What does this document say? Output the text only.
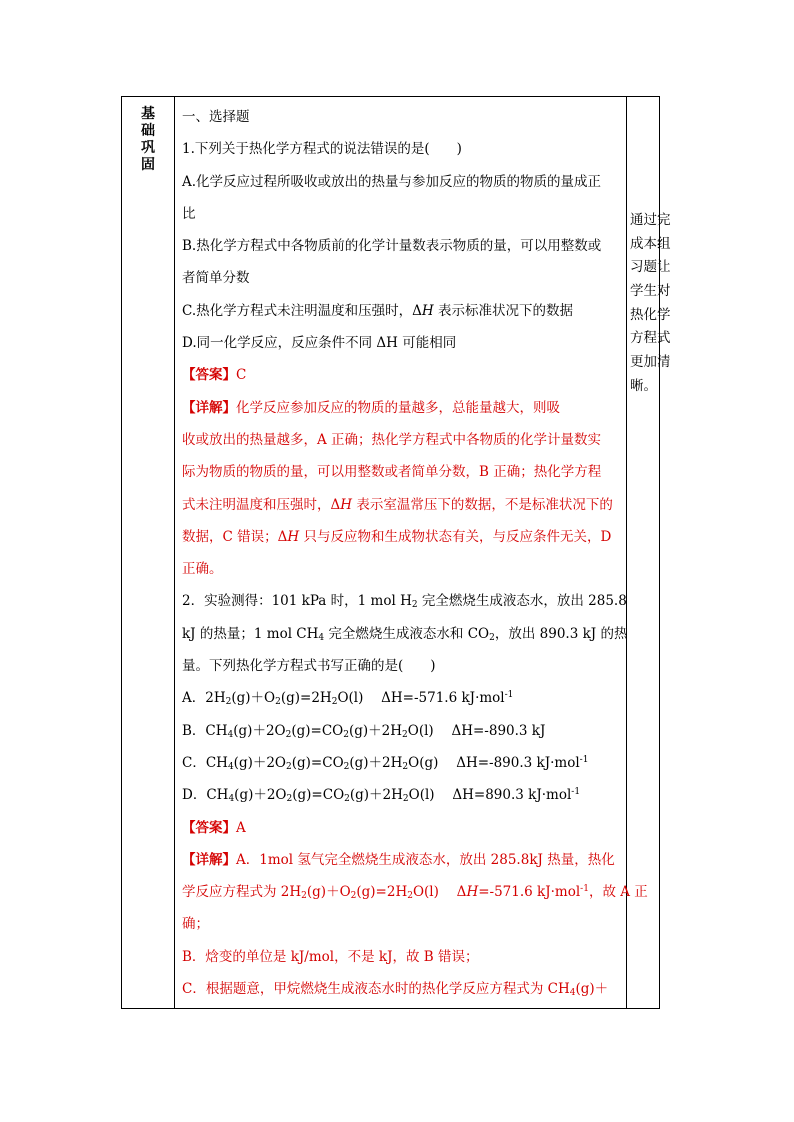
基
础
巩
固
一、选择题
1.下列关于热化学方程式的说法错误的是(　　)
A.化学反应过程所吸收或放出的热量与参加反应的物质的物质的量成正
比
B.热化学方程式中各物质前的化学计量数表示物质的量，可以用整数或
者简单分数
C.热化学方程式未注明温度和压强时，ΔH 表示标准状况下的数据
D.同一化学反应，反应条件不同 ΔH 可能相同
【答案】C
【详解】化学反应参加反应的物质的量越多，总能量越大，则吸
收或放出的热量越多，A 正确；热化学方程式中各物质的化学计量数实
际为物质的物质的量，可以用整数或者简单分数，B 正确；热化学方程
式未注明温度和压强时，ΔH 表示室温常压下的数据，不是标准状况下的
数据，C 错误；ΔH 只与反应物和生成物状态有关，与反应条件无关，D
正确。
2．实验测得：101 kPa 时，1 mol $H_2$ 完全燃烧生成液态水，放出 285.8
kJ 的热量；1 mol $CH_4$ 完全燃烧生成液态水和 $CO_2$，放出 890.3 kJ 的热
量。下列热化学方程式书写正确的是(　　)
A．$2H_2(g)+O_2(g)=2H_2O(l)$　 ΔH=-571.6 kJ·mol$^{-1}$
B．$CH_4(g)+2O_2(g)=CO_2(g)+2H_2O(l)$　 ΔH=-890.3 kJ
C．$CH_4(g)+2O_2(g)=CO_2(g)+2H_2O(g)$　 ΔH=-890.3 kJ·mol$^{-1}$
D．$CH_4(g)+2O_2(g)=CO_2(g)+2H_2O(l)$　 ΔH=890.3 kJ·mol$^{-1}$
【答案】A
【详解】A．1mol 氢气完全燃烧生成液态水，放出 285.8kJ 热量，热化
学反应方程式为 $2H_2(g)+O_2(g)=2H_2O(l)$　 ΔH=-571.6 kJ·mol$^{-1}$，故 A 正
确；
B．焓变的单位是 kJ/mol，不是 kJ，故 B 错误；
C．根据题意，甲烷燃烧生成液态水时的热化学反应方程式为 $CH_4(g)+$
通过完
成本组
习题让
学生对
热化学
方程式
更加清
晰。
